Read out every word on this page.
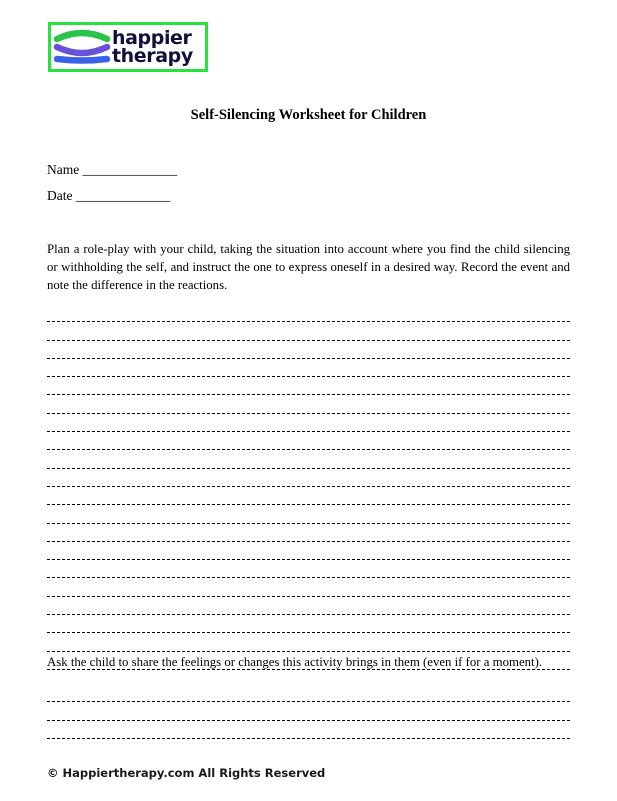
happier
therapy
Self-Silencing Worksheet for Children
Name ______________
Date ______________
Plan a role-play with your child, taking the situation into account where you find the child silencing or withholding the self, and instruct the one to express oneself in a desired way. Record the event and note the difference in the reactions.
Ask the child to share the feelings or changes this activity brings in them (even if for a moment).
© Happiertherapy.com All Rights Reserved
